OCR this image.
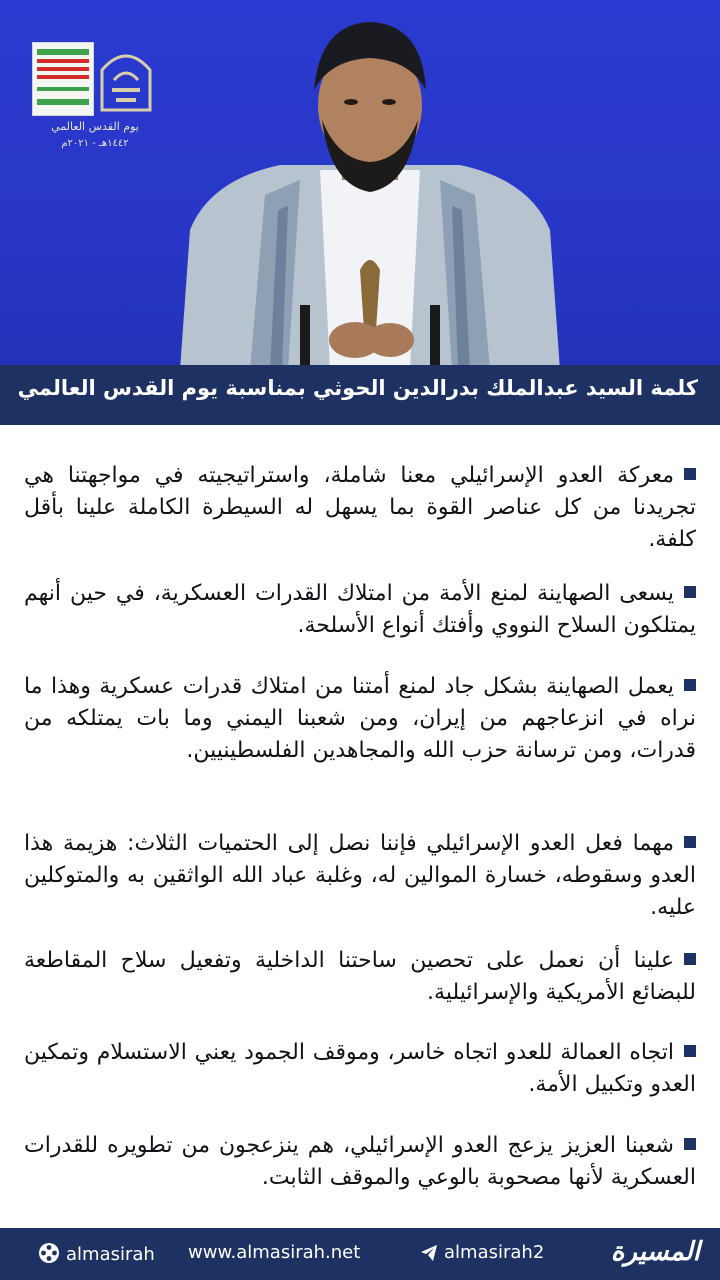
يوم القدس العالمي
١٤٤٢هـ - ٢٠٢١م
كلمة السيد عبدالملك بدرالدين الحوثي بمناسبة يوم القدس العالمي
معركة العدو الإسرائيلي معنا شاملة، واستراتيجيته في مواجهتنا هي تجريدنا من كل عناصر القوة بما يسهل له السيطرة الكاملة علينا بأقل كلفة.
يسعى الصهاينة لمنع الأمة من امتلاك القدرات العسكرية، في حين أنهم يمتلكون السلاح النووي وأفتك أنواع الأسلحة.
يعمل الصهاينة بشكل جاد لمنع أمتنا من امتلاك قدرات عسكرية وهذا ما نراه في انزعاجهم من إيران، ومن شعبنا اليمني وما بات يمتلكه من قدرات، ومن ترسانة حزب الله والمجاهدين الفلسطينيين.
مهما فعل العدو الإسرائيلي فإننا نصل إلى الحتميات الثلاث: هزيمة هذا العدو وسقوطه، خسارة الموالين له، وغلبة عباد الله الواثقين به والمتوكلين عليه.
علينا أن نعمل على تحصين ساحتنا الداخلية وتفعيل سلاح المقاطعة للبضائع الأمريكية والإسرائيلية.
اتجاه العمالة للعدو اتجاه خاسر، وموقف الجمود يعني الاستسلام وتمكين العدو وتكبيل الأمة.
شعبنا العزيز يزعج العدو الإسرائيلي، هم ينزعجون من تطويره للقدرات العسكرية لأنها مصحوبة بالوعي والموقف الثابت.
almasirah www.almasirah.net	almasirah2	المسيرة
